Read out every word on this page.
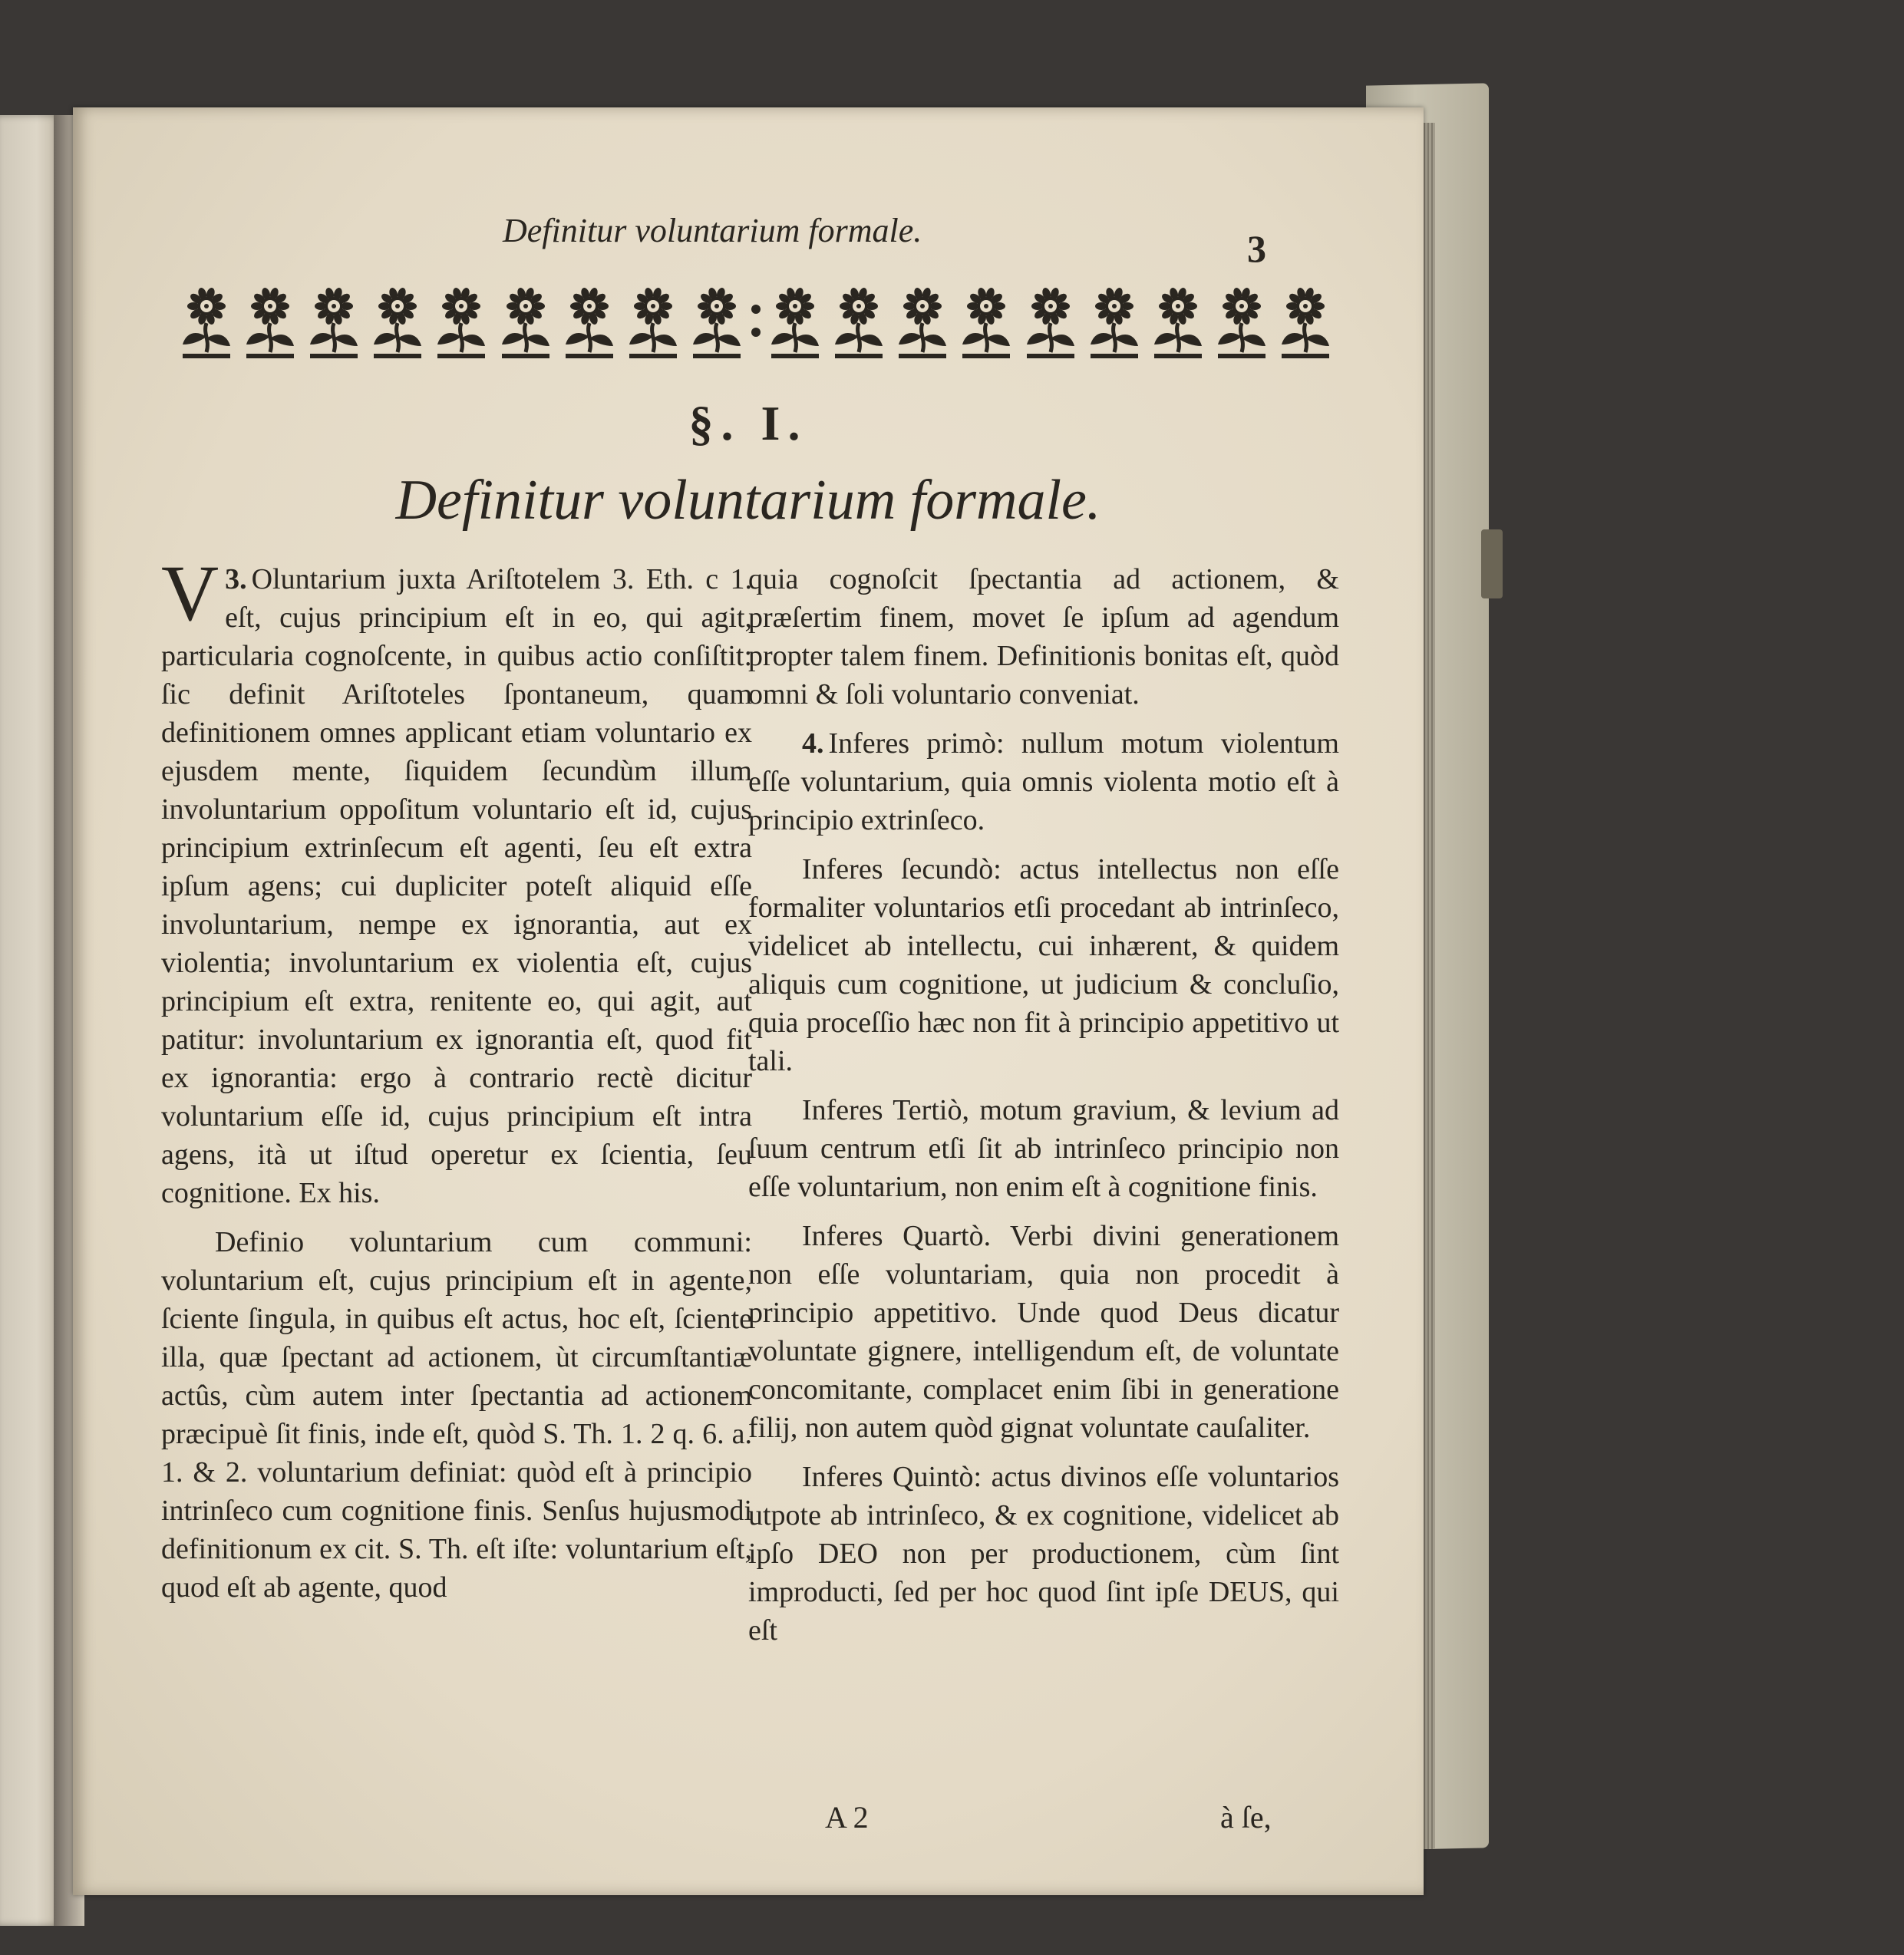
Definitur voluntarium formale.	3
§. I.
Definitur voluntarium formale.

3.
V Oluntarium juxta Ariſtotelem 3. Eth. c 1. eſt, cujus principium eſt in eo, qui agit, particularia cognoſcente, in quibus actio conſiſtit: ſic definit Ariſtoteles ſpontaneum, quam definitionem omnes applicant etiam voluntario ex ejusdem mente, ſiquidem ſecundùm illum involuntarium oppoſitum voluntario eſt id, cujus principium extrinſecum eſt agenti, ſeu eſt extra ipſum agens; cui dupliciter poteſt aliquid eſſe involuntarium, nempe ex ignorantia, aut ex violentia; involuntarium ex violentia eſt, cujus principium eſt extra, renitente eo, qui agit, aut patitur: involuntarium ex ignorantia eſt, quod fit ex ignorantia: ergo à contrario rectè dicitur voluntarium eſſe id, cujus principium eſt intra agens, ità ut iſtud operetur ex ſcientia, ſeu cognitione. Ex his.

Definio voluntarium cum communi: voluntarium eſt, cujus principium eſt in agente, ſciente ſingula, in quibus eſt actus, hoc eſt, ſciente illa, quæ ſpectant ad actionem, ùt circumſtantiæ actûs, cùm autem inter ſpectantia ad actionem præcipuè ſit finis, inde eſt, quòd S. Th. 1. 2 q. 6. a. 1. & 2. voluntarium definiat: quòd eſt à principio intrinſeco cum cognitione finis. Senſus hujusmodi definitionum ex cit. S. Th. eſt iſte: voluntarium eſt, quod eſt ab agente, quod

quia cognoſcit ſpectantia ad actionem, & præſertim finem, movet ſe ipſum ad agendum propter talem finem. Definitionis bonitas eſt, quòd omni & ſoli voluntario conveniat.

4. Inferes primò: nullum motum violentum eſſe voluntarium, quia omnis violenta motio eſt à principio extrinſeco.

Inferes ſecundò: actus intellectus non eſſe formaliter voluntarios etſi procedant ab intrinſeco, videlicet ab intellectu, cui inhærent, & quidem aliquis cum cognitione, ut judicium & concluſio, quia proceſſio hæc non fit à principio appetitivo ut tali.

Inferes Tertiò, motum gravium, & levium ad ſuum centrum etſi ſit ab intrinſeco principio non eſſe voluntarium, non enim eſt à cognitione finis.

Inferes Quartò. Verbi divini generationem non eſſe voluntariam, quia non procedit à principio appetitivo. Unde quod Deus dicatur voluntate gignere, intelligendum eſt, de voluntate concomitante, complacet enim ſibi in generatione filij, non autem quòd gignat voluntate cauſaliter.

Inferes Quintò: actus divinos eſſe voluntarios utpote ab intrinſeco, & ex cognitione, videlicet ab ipſo DEO non per productionem, cùm ſint improducti, ſed per hoc quod ſint ipſe DEUS, qui eſt

A 2	à ſe,
